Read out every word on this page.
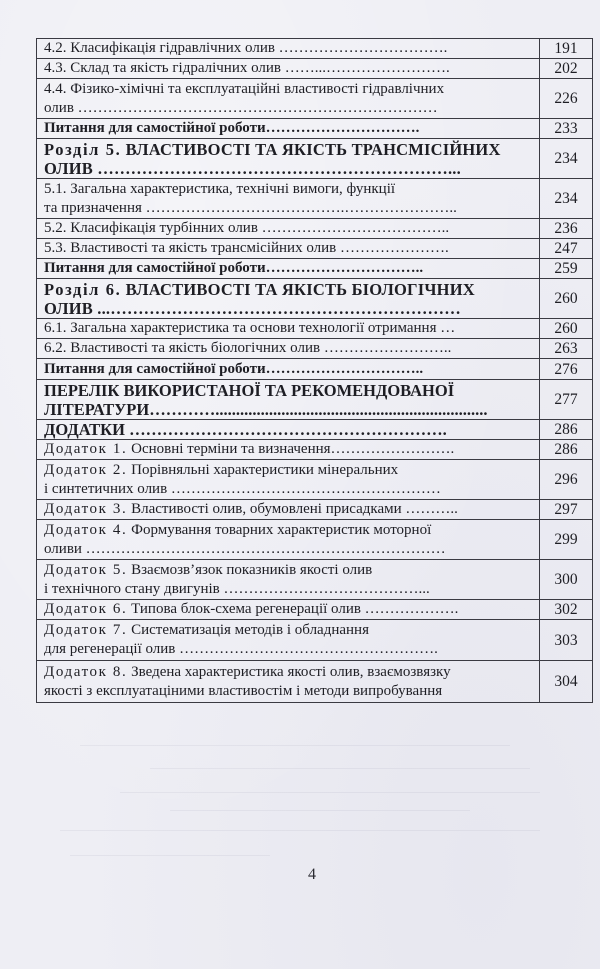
4.2. Класифікація гідравлічних олив …………………………….	191

4.3. Склад та якість гідралічних олив ……...…………………….	202

4.4. Фізико-хімічні та експлуатаційні властивості гідравлічних
олив ………………………………………………………………	226

Питання для самостійної роботи………………………….	233

Розділ 5. ВЛАСТИВОСТІ ТА ЯКІСТЬ ТРАНСМІСІЙНИХ
ОЛИВ ………………………………………………………...	234

5.1. Загальна характеристика, технічні вимоги, функції
та призначення ………………………………….…………………..	234

5.2. Класифікація турбінних олив ………………………………..	236

5.3. Властивості та якість трансмісійних олив ………………….	247

Питання для самостійної роботи…………………………..	259

Розділ 6. ВЛАСТИВОСТІ ТА ЯКІСТЬ БІОЛОГІЧНИХ
ОЛИВ ...………………………………………………………	260

6.1. Загальна характеристика та основи технології отримання …	260

6.2. Властивості та якість біологічних олив ……………………..	263

Питання для самостійної роботи…………………………..	276

ПЕРЕЛІК ВИКОРИСТАНОЇ ТА РЕКОМЕНДОВАНОЇ
ЛІТЕРАТУРИ…………..................................................................	277

ДОДАТКИ ………………………………………………….	286

Додаток 1. Основні терміни та визначення…………………….	286

Додаток 2. Порівняльні характеристики мінеральних
і синтетичних олив ………………………………………………	296

Додаток 3. Властивості олив, обумовлені присадками ………..	297

Додаток 4. Формування товарних характеристик моторної
оливи ………………………………………………………………	299

Додаток 5. Взаємозв’язок показників якості олив
і технічного стану двигунів …………………………………...	300

Додаток 6. Типова блок-схема регенерації олив ……………….	302

Додаток 7. Систематизація методів і обладнання
для регенерації олив …………………………………………….	303

Додаток 8. Зведена характеристика якості олив, взаємозвязку
якості з експлуатаціними властивостім і методи випробування	304
4
